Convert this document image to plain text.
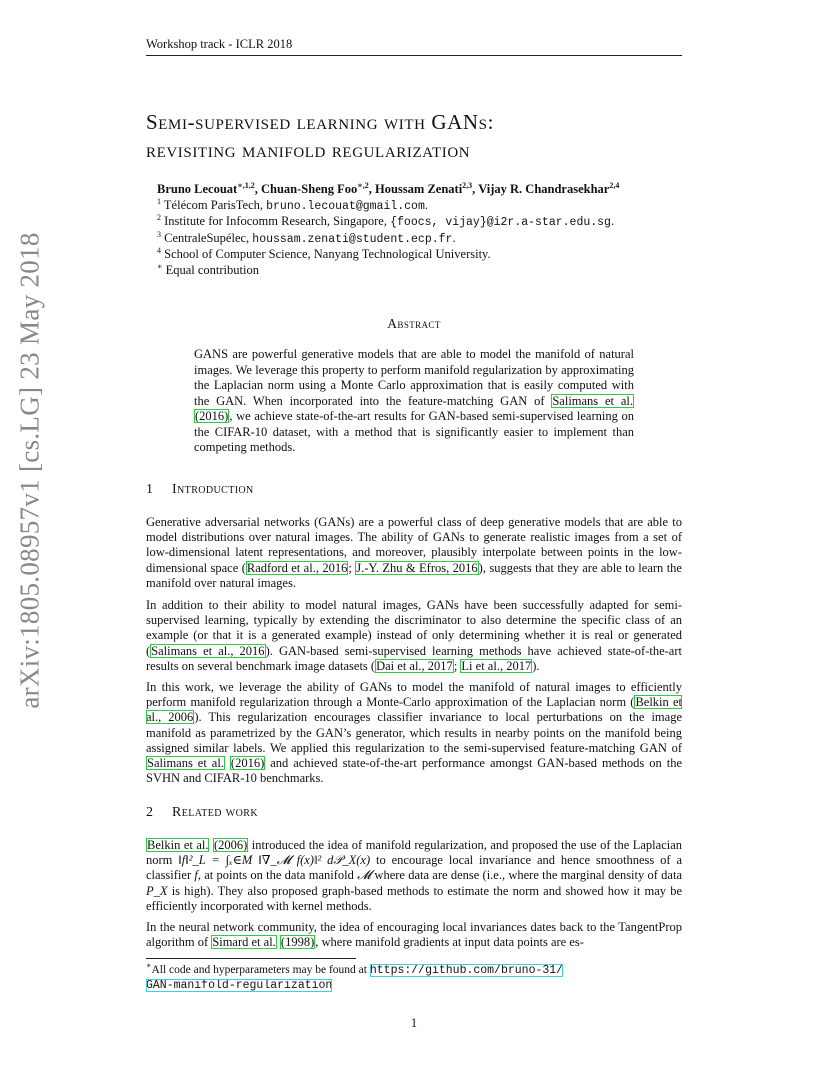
Workshop track - ICLR 2018
arXiv:1805.08957v1 [cs.LG] 23 May 2018
Semi-supervised learning with GANs:
revisiting manifold regularization
Bruno Lecouat$^{∗,1,2}$, Chuan-Sheng Foo$^{∗,2}$, Houssam Zenati$^{2,3}$, Vijay R. Chandrasekhar$^{2,4}$
$^1$ Télécom ParisTech, bruno.lecouat@gmail.com.
$^2$ Institute for Infocomm Research, Singapore, {foocs, vijay}@i2r.a-star.edu.sg.
$^3$ CentraleSupélec, houssam.zenati@student.ecp.fr.
$^4$ School of Computer Science, Nanyang Technological University.
∗ Equal contribution
Abstract
GANS are powerful generative models that are able to model the manifold of natural images. We leverage this property to perform manifold regularization by approximating the Laplacian norm using a Monte Carlo approximation that is easily computed with the GAN. When incorporated into the feature-matching GAN of Salimans et al. (2016), we achieve state-of-the-art results for GAN-based semi-supervised learning on the CIFAR-10 dataset, with a method that is significantly easier to implement than competing methods.
1 Introduction

Generative adversarial networks (GANs) are a powerful class of deep generative models that are able to model distributions over natural images. The ability of GANs to generate realistic images from a set of low-dimensional latent representations, and moreover, plausibly interpolate between points in the low-dimensional space (Radford et al., 2016; J.-Y. Zhu & Efros, 2016), suggests that they are able to learn the manifold over natural images.

In addition to their ability to model natural images, GANs have been successfully adapted for semi-supervised learning, typically by extending the discriminator to also determine the specific class of an example (or that it is a generated example) instead of only determining whether it is real or generated (Salimans et al., 2016). GAN-based semi-supervised learning methods have achieved state-of-the-art results on several benchmark image datasets (Dai et al., 2017; Li et al., 2017).

In this work, we leverage the ability of GANs to model the manifold of natural images to efficiently perform manifold regularization through a Monte-Carlo approximation of the Laplacian norm (Belkin et al., 2006). This regularization encourages classifier invariance to local perturbations on the image manifold as parametrized by the GAN’s generator, which results in nearby points on the manifold being assigned similar labels. We applied this regularization to the semi-supervised feature-matching GAN of Salimans et al. (2016) and achieved state-of-the-art performance amongst GAN-based methods on the SVHN and CIFAR-10 benchmarks.

2 Related work

Belkin et al. (2006) introduced the idea of manifold regularization, and proposed the use of the Laplacian norm ‖f‖²_L = ∫ₓ∈M ‖∇_𝓜 f(x)‖² d𝒫_X(x) to encourage local invariance and hence smoothness of a classifier f, at points on the data manifold 𝓜 where data are dense (i.e., where the marginal density of data P_X is high). They also proposed graph-based methods to estimate the norm and showed how it may be efficiently incorporated with kernel methods.

In the neural network community, the idea of encouraging local invariances dates back to the TangentProp algorithm of Simard et al. (1998), where manifold gradients at input data points are es-

∗All code and hyperparameters may be found at https://github.com/bruno-31/
GAN-manifold-regularization
1
